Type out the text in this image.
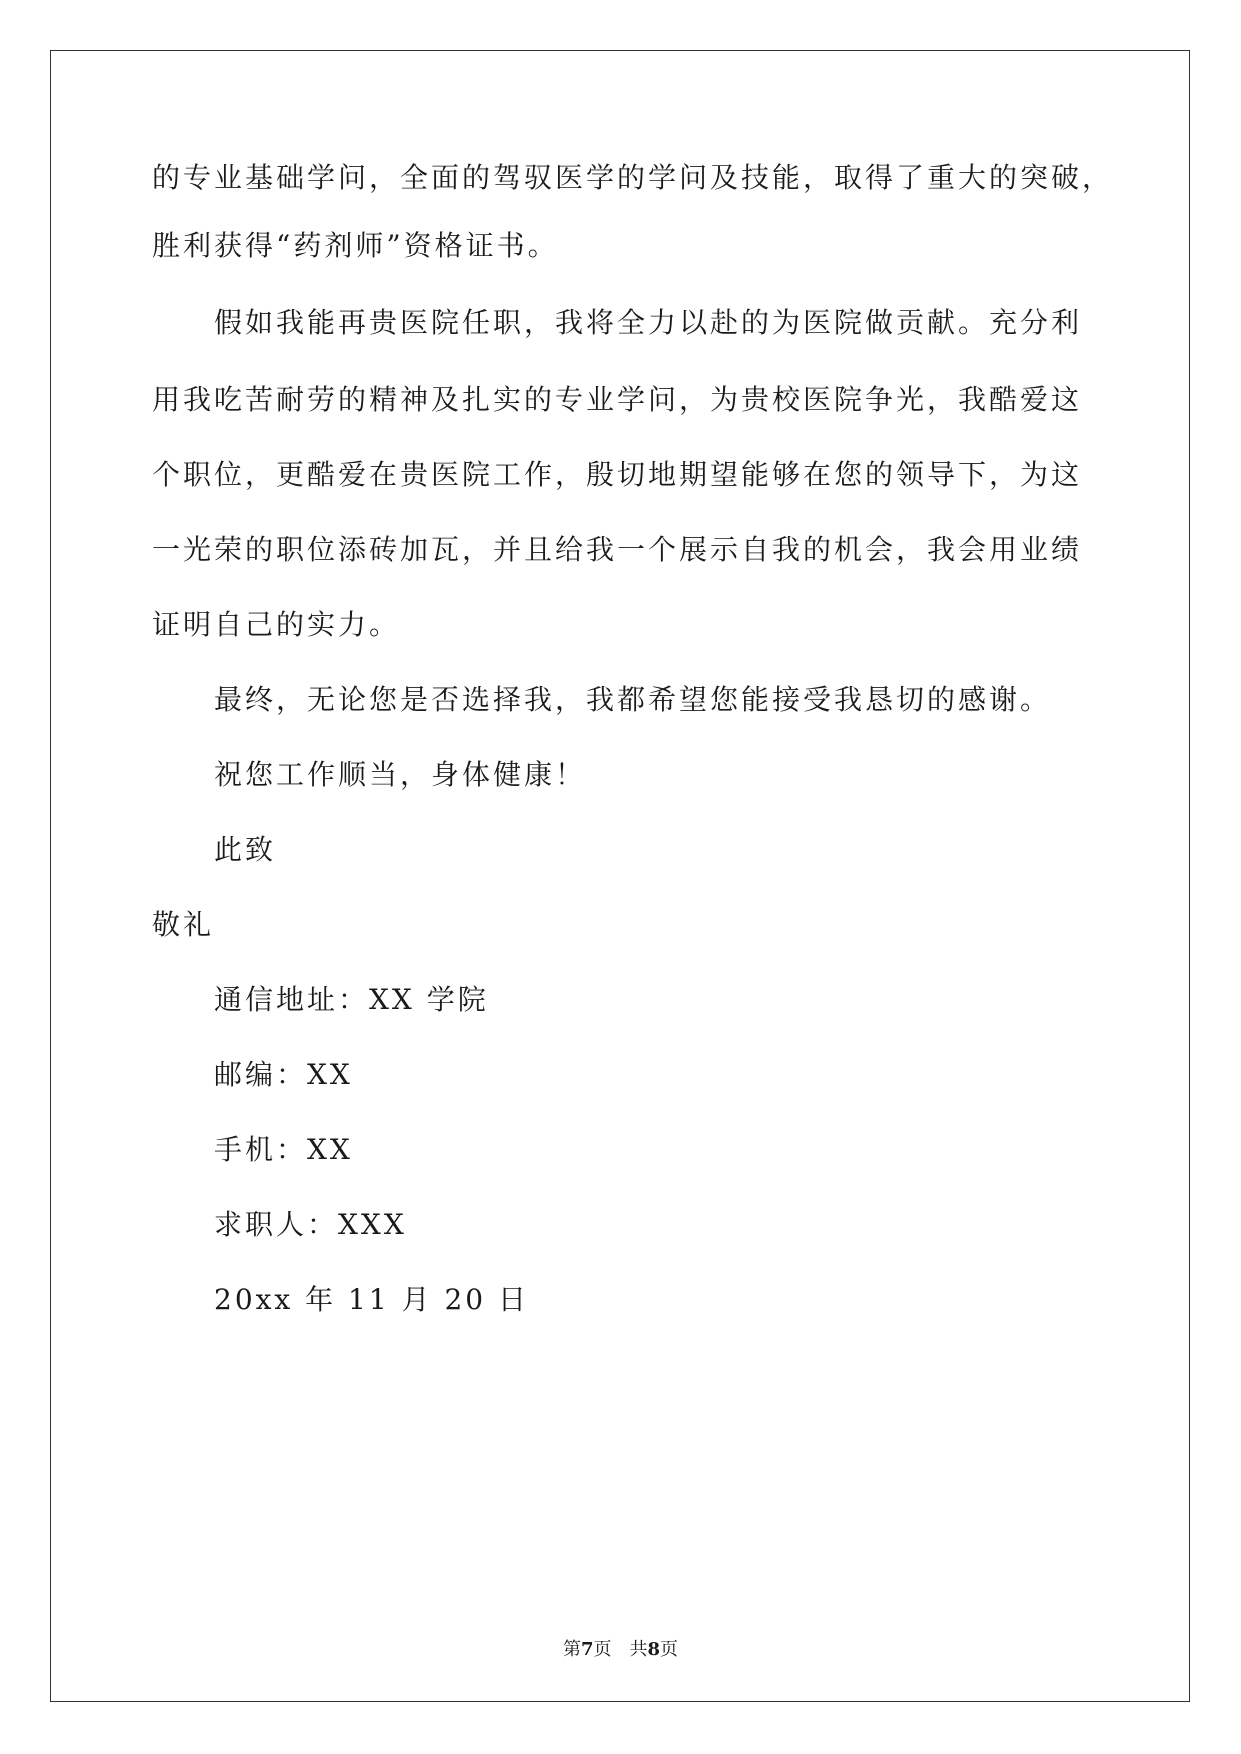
的专业基础学问，全面的驾驭医学的学问及技能，取得了重大的突破，
胜利获得“药剂师”资格证书。
假如我能再贵医院任职，我将全力以赴的为医院做贡献。充分利
用我吃苦耐劳的精神及扎实的专业学问，为贵校医院争光，我酷爱这
个职位，更酷爱在贵医院工作，殷切地期望能够在您的领导下，为这
一光荣的职位添砖加瓦，并且给我一个展示自我的机会，我会用业绩
证明自己的实力。
最终，无论您是否选择我，我都希望您能接受我恳切的感谢。
祝您工作顺当，身体健康！
此致
敬礼
通信地址：XX 学院
邮编：XX
手机：XX
求职人：XXX
20xx 年 11 月 20 日
第7页　共8页
